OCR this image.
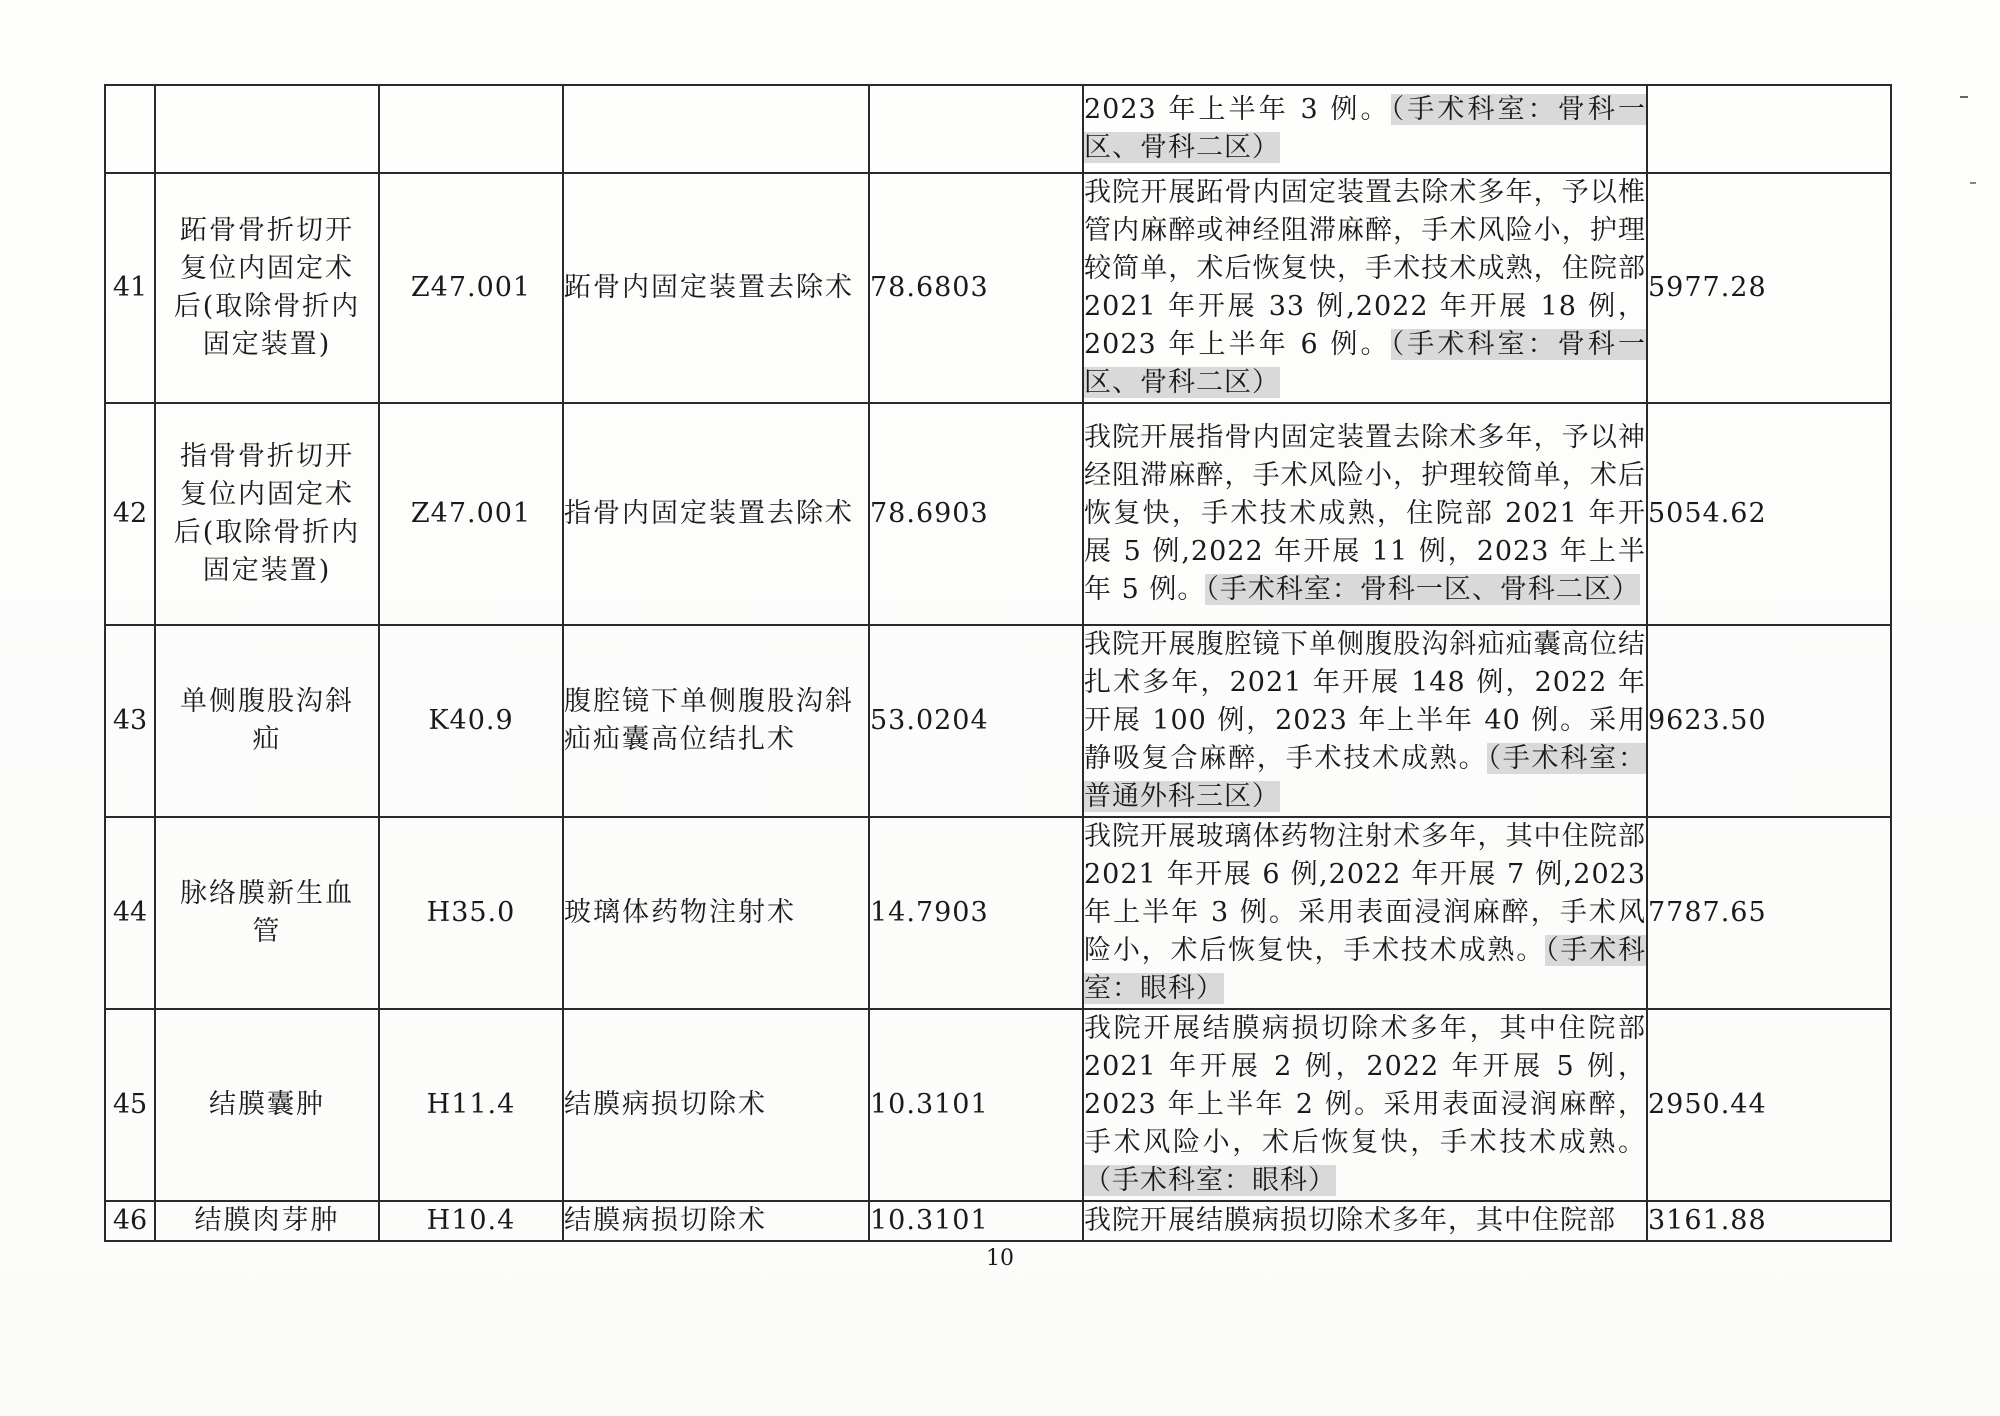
					2023 年上半年 3 例。（手术科室：骨科一区、骨科二区）	
41	跖骨骨折切开
复位内固定术
后(取除骨折内
固定装置)	Z47.001	跖骨内固定装置去除术	78.6803	我院开展跖骨内固定装置去除术多年，予以椎管内麻醉或神经阻滞麻醉，手术风险小，护理较简单，术后恢复快，手术技术成熟，住院部 2021 年开展 33 例,2022 年开展 18 例，2023 年上半年 6 例。（手术科室：骨科一区、骨科二区）	5977.28
42	指骨骨折切开
复位内固定术
后(取除骨折内
固定装置)	Z47.001	指骨内固定装置去除术	78.6903	我院开展指骨内固定装置去除术多年，予以神经阻滞麻醉，手术风险小，护理较简单，术后恢复快，手术技术成熟，住院部 2021 年开展 5 例,2022 年开展 11 例，2023 年上半年 5 例。（手术科室：骨科一区、骨科二区）	5054.62
43	单侧腹股沟斜
疝	K40.9	腹腔镜下单侧腹股沟斜疝疝囊高位结扎术	53.0204	我院开展腹腔镜下单侧腹股沟斜疝疝囊高位结扎术多年，2021 年开展 148 例，2022 年开展 100 例，2023 年上半年 40 例。采用静吸复合麻醉，手术技术成熟。（手术科室：普通外科三区）	9623.50
44	脉络膜新生血
管	H35.0	玻璃体药物注射术	14.7903	我院开展玻璃体药物注射术多年，其中住院部 2021 年开展 6 例,2022 年开展 7 例,2023 年上半年 3 例。采用表面浸润麻醉，手术风险小，术后恢复快，手术技术成熟。（手术科室：眼科）	7787.65
45	结膜囊肿	H11.4	结膜病损切除术	10.3101	我院开展结膜病损切除术多年，其中住院部 2021 年开展 2 例，2022 年开展 5 例，2023 年上半年 2 例。采用表面浸润麻醉，手术风险小，术后恢复快，手术技术成熟。（手术科室：眼科）	2950.44
46	结膜肉芽肿	H10.4	结膜病损切除术	10.3101	我院开展结膜病损切除术多年，其中住院部	3161.88
10
